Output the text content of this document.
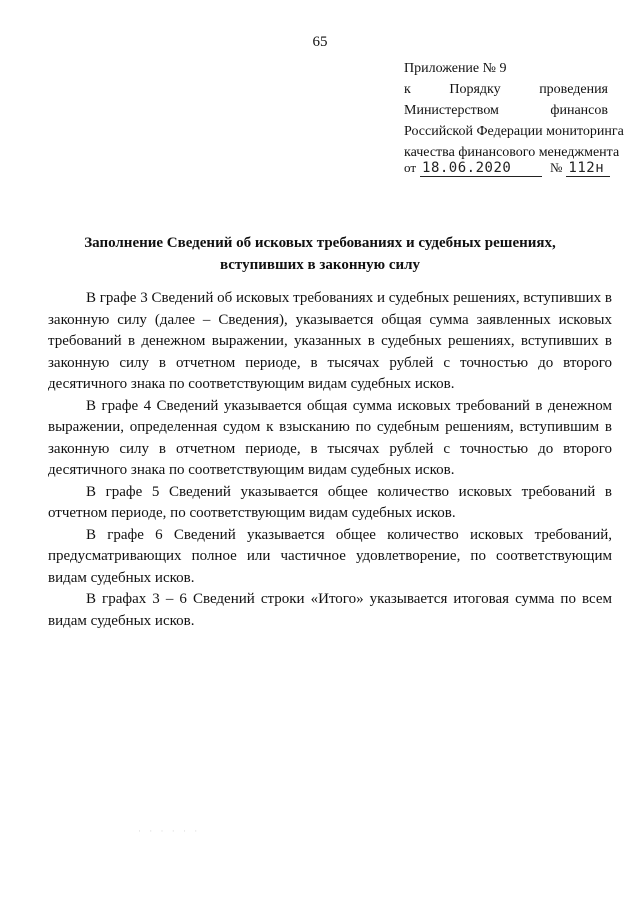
65
Приложение № 9
к Порядку проведения
Министерством финансов
Российской Федерации мониторинга
качества финансового менеджмента
от 18.06.2020	№ 112н
Заполнение Сведений об исковых требованиях и судебных решениях,
вступивших в законную силу

В графе 3 Сведений об исковых требованиях и судебных решениях, вступивших в законную силу (далее – Сведения), указывается общая сумма заявленных исковых требований в денежном выражении, указанных в судебных решениях, вступивших в законную силу в отчетном периоде, в тысячах рублей с точностью до второго десятичного знака по соответствующим видам судебных исков.

В графе 4 Сведений указывается общая сумма исковых требований в денежном выражении, определенная судом к взысканию по судебным решениям, вступившим в законную силу в отчетном периоде, в тысячах рублей с точностью до второго десятичного знака по соответствующим видам судебных исков.

В графе 5 Сведений указывается общее количество исковых требований в отчетном периоде, по соответствующим видам судебных исков.

В графе 6 Сведений указывается общее количество исковых требований, предусматривающих полное или частичное удовлетворение, по соответствующим видам судебных исков.

В графах 3 – 6 Сведений строки «Итого» указывается итоговая сумма по всем видам судебных исков.

· · · · · ·
